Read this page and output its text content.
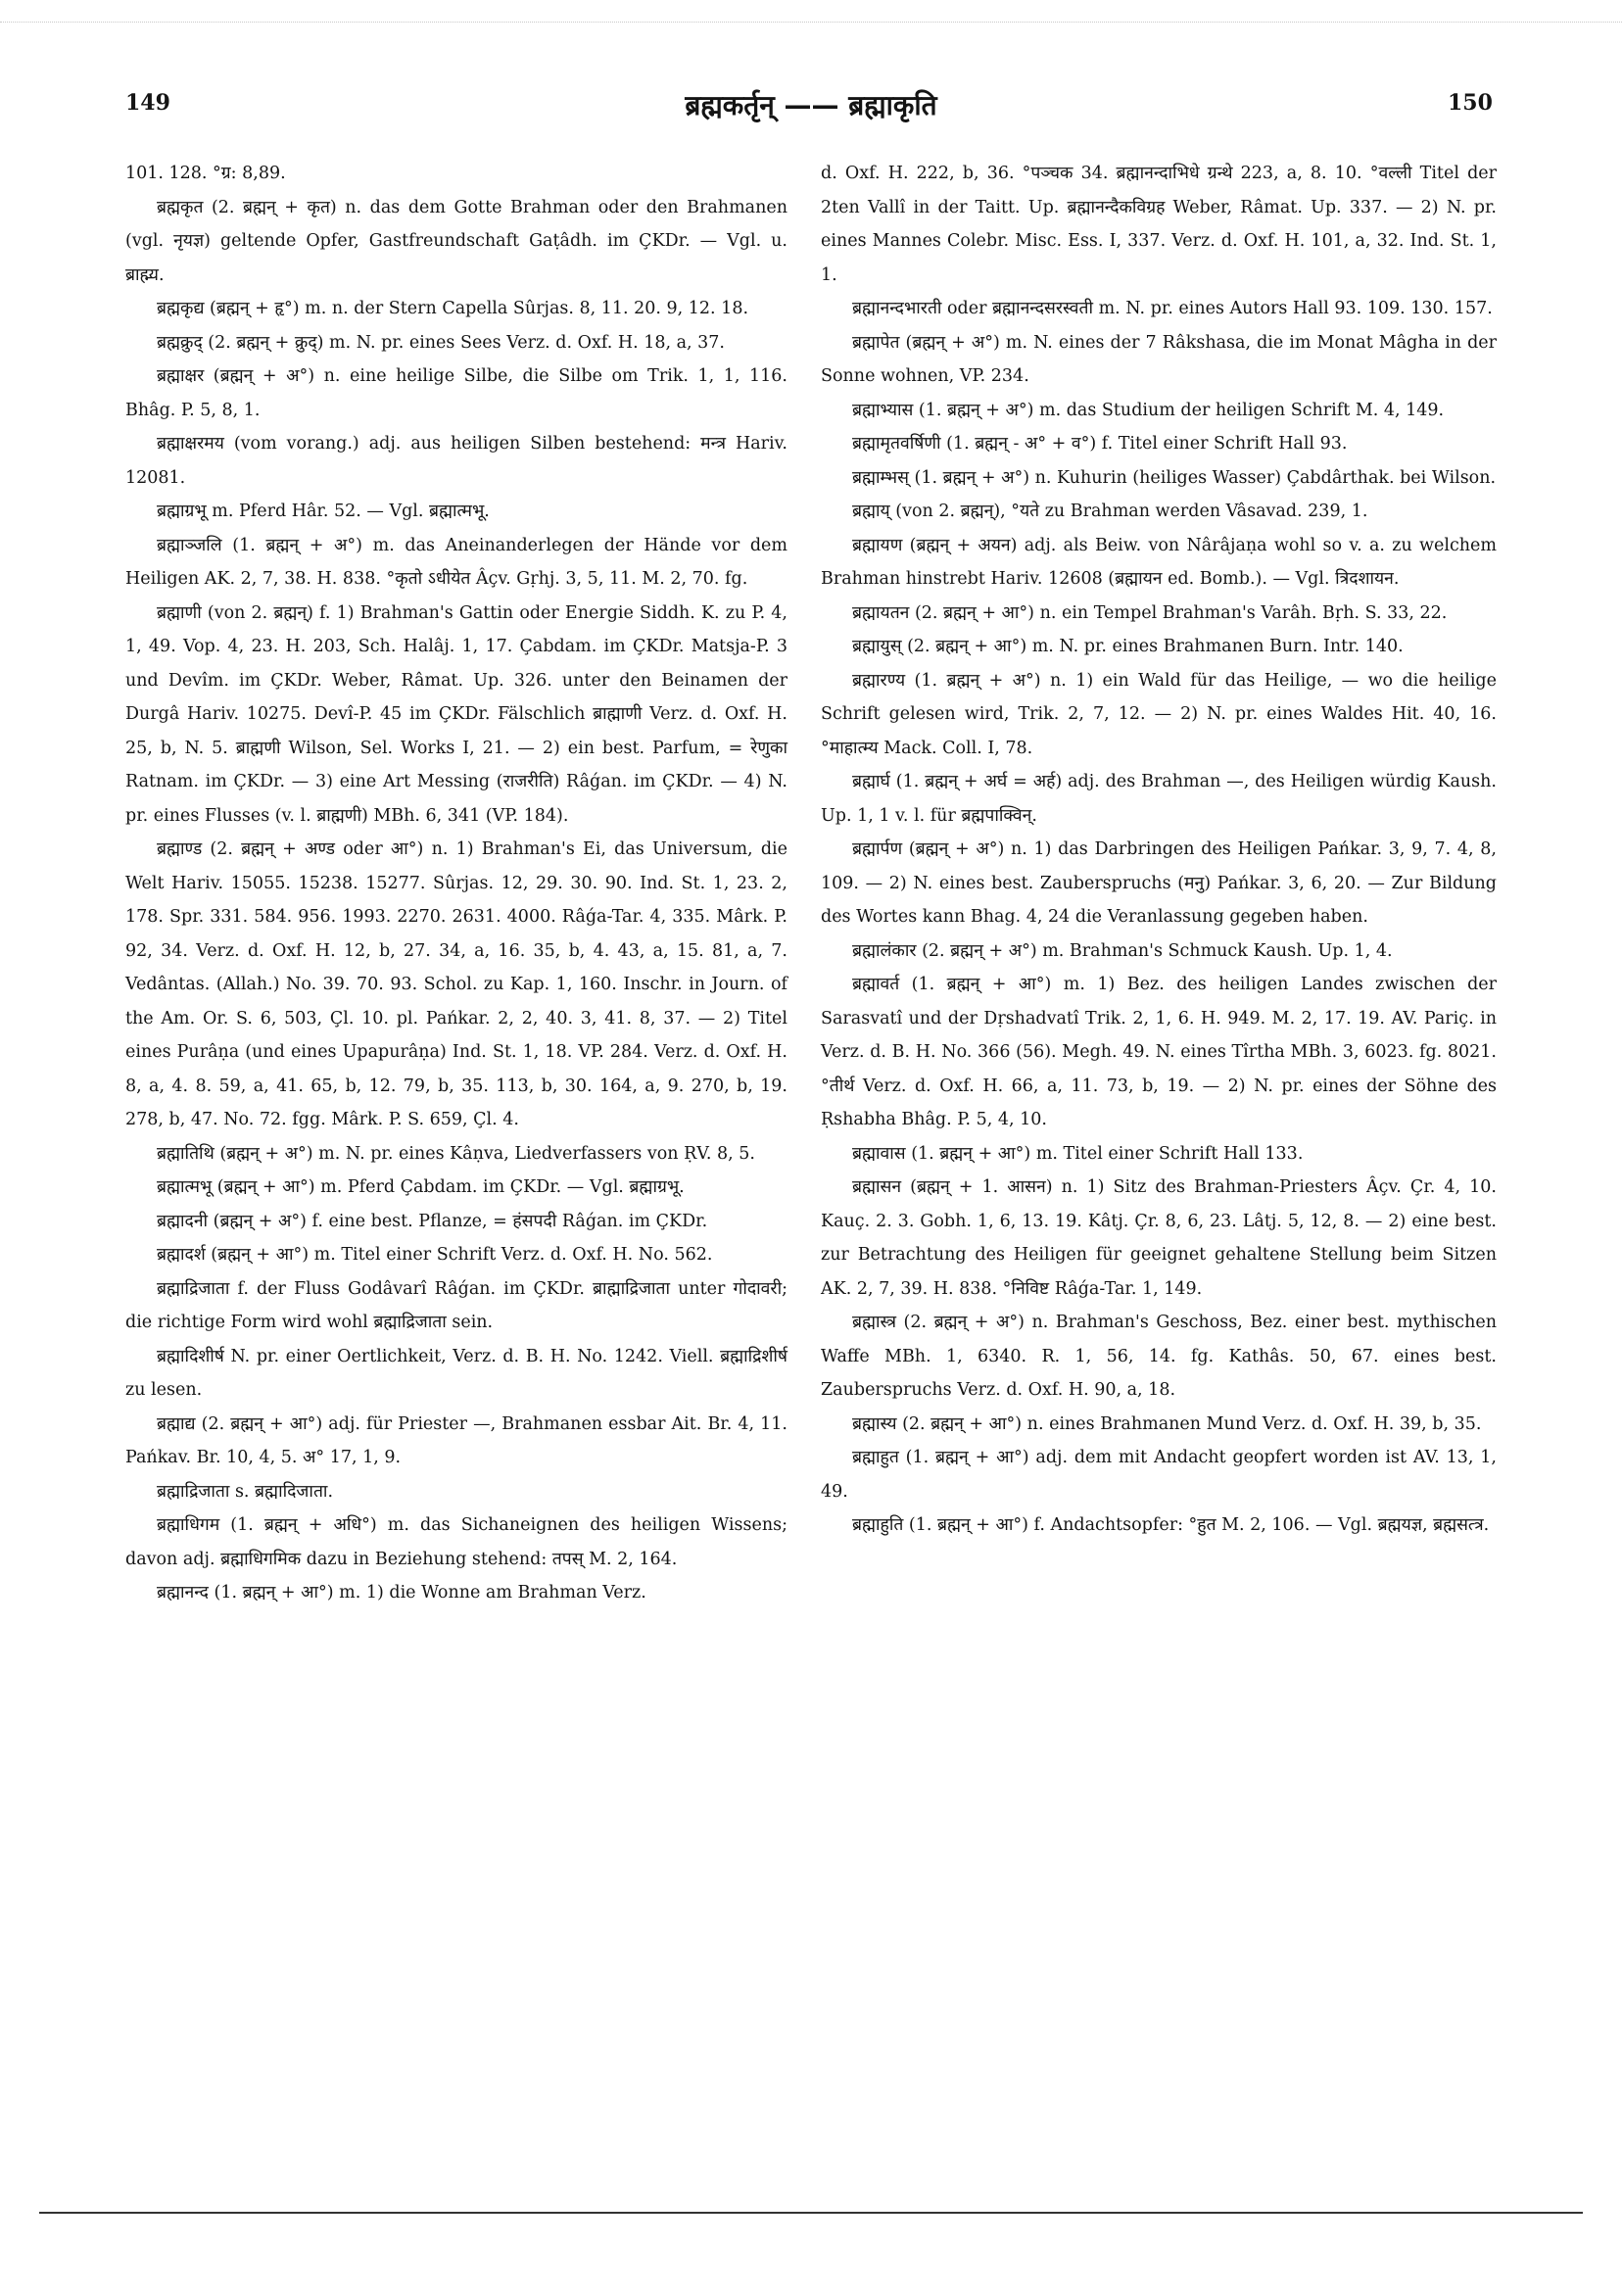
149	ब्रह्मकर्तृन् —— ब्रह्माकृति	150

101. 128. °ग्र: 8,89.

ब्रह्मकृत (2. ब्रह्मन् + कृत) n. das dem Gotte Brahman oder den Brahmanen (vgl. नृयज्ञ) geltende Opfer, Gastfreundschaft Gaṭâdh. im ÇKDr. — Vgl. u. ब्राह्म्य.

ब्रह्मकृद्य (ब्रह्मन् + हृ°) m. n. der Stern Capella Sûrjas. 8, 11. 20. 9, 12. 18.

ब्रह्मक्रुद् (2. ब्रह्मन् + क्रुद्) m. N. pr. eines Sees Verz. d. Oxf. H. 18, a, 37.

ब्रह्माक्षर (ब्रह्मन् + अ°) n. eine heilige Silbe, die Silbe om Trik. 1, 1, 116. Bhâg. P. 5, 8, 1.

ब्रह्माक्षरमय (vom vorang.) adj. aus heiligen Silben bestehend: मन्त्र Hariv. 12081.

ब्रह्माग्रभू m. Pferd Hâr. 52. — Vgl. ब्रह्मात्मभू.

ब्रह्माञ्जलि (1. ब्रह्मन् + अ°) m. das Aneinanderlegen der Hände vor dem Heiligen AK. 2, 7, 38. H. 838. °कृतो ऽधीयेत Âçv. Gṛhj. 3, 5, 11. M. 2, 70. fg.

ब्रह्माणी (von 2. ब्रह्मन्) f. 1) Brahman's Gattin oder Energie Siddh. K. zu P. 4, 1, 49. Vop. 4, 23. H. 203, Sch. Halâj. 1, 17. Çabdam. im ÇKDr. Matsja-P. 3 und Devîm. im ÇKDr. Weber, Râmat. Up. 326. unter den Beinamen der Durgâ Hariv. 10275. Devî-P. 45 im ÇKDr. Fälschlich ब्राह्माणी Verz. d. Oxf. H. 25, b, N. 5. ब्राह्मणी Wilson, Sel. Works I, 21. — 2) ein best. Parfum, = रेणुका Ratnam. im ÇKDr. — 3) eine Art Messing (राजरीति) Râǵan. im ÇKDr. — 4) N. pr. eines Flusses (v. l. ब्राह्मणी) MBh. 6, 341 (VP. 184).

ब्रह्माण्ड (2. ब्रह्मन् + अण्ड oder आ°) n. 1) Brahman's Ei, das Universum, die Welt Hariv. 15055. 15238. 15277. Sûrjas. 12, 29. 30. 90. Ind. St. 1, 23. 2, 178. Spr. 331. 584. 956. 1993. 2270. 2631. 4000. Râǵa-Tar. 4, 335. Mârk. P. 92, 34. Verz. d. Oxf. H. 12, b, 27. 34, a, 16. 35, b, 4. 43, a, 15. 81, a, 7. Vedântas. (Allah.) No. 39. 70. 93. Schol. zu Kap. 1, 160. Inschr. in Journ. of the Am. Or. S. 6, 503, Çl. 10. pl. Pańkar. 2, 2, 40. 3, 41. 8, 37. — 2) Titel eines Purâṇa (und eines Upapurâṇa) Ind. St. 1, 18. VP. 284. Verz. d. Oxf. H. 8, a, 4. 8. 59, a, 41. 65, b, 12. 79, b, 35. 113, b, 30. 164, a, 9. 270, b, 19. 278, b, 47. No. 72. fgg. Mârk. P. S. 659, Çl. 4.

ब्रह्मातिथि (ब्रह्मन् + अ°) m. N. pr. eines Kâṇva, Liedverfassers von ṚV. 8, 5.

ब्रह्मात्मभू (ब्रह्मन् + आ°) m. Pferd Çabdam. im ÇKDr. — Vgl. ब्रह्माग्रभू.

ब्रह्मादनी (ब्रह्मन् + अ°) f. eine best. Pflanze, = हंसपदी Râǵan. im ÇKDr.

ब्रह्मादर्श (ब्रह्मन् + आ°) m. Titel einer Schrift Verz. d. Oxf. H. No. 562.

ब्रह्माद्रिजाता f. der Fluss Godâvarî Râǵan. im ÇKDr. ब्राह्माद्रिजाता unter गोदावरी; die richtige Form wird wohl ब्रह्माद्रिजाता sein.

ब्रह्मादिशीर्ष N. pr. einer Oertlichkeit, Verz. d. B. H. No. 1242. Viell. ब्रह्माद्रिशीर्ष zu lesen.

ब्रह्माद्य (2. ब्रह्मन् + आ°) adj. für Priester —, Brahmanen essbar Ait. Br. 4, 11. Pańkav. Br. 10, 4, 5. अ° 17, 1, 9.

ब्रह्माद्रिजाता s. ब्रह्मादिजाता.

ब्रह्माधिगम (1. ब्रह्मन् + अधि°) m. das Sichaneignen des heiligen Wissens; davon adj. ब्रह्माधिगमिक dazu in Beziehung stehend: तपस् M. 2, 164.

ब्रह्मानन्द (1. ब्रह्मन् + आ°) m. 1) die Wonne am Brahman Verz.

d. Oxf. H. 222, b, 36. °पञ्चक 34. ब्रह्मानन्दाभिधे ग्रन्थे 223, a, 8. 10. °वल्ली Titel der 2ten Vallî in der Taitt. Up. ब्रह्मानन्दैकविग्रह Weber, Râmat. Up. 337. — 2) N. pr. eines Mannes Colebr. Misc. Ess. I, 337. Verz. d. Oxf. H. 101, a, 32. Ind. St. 1, 1.

ब्रह्मानन्दभारती oder ब्रह्मानन्दसरस्वती m. N. pr. eines Autors Hall 93. 109. 130. 157.

ब्रह्मापेत (ब्रह्मन् + अ°) m. N. eines der 7 Râkshasa, die im Monat Mâgha in der Sonne wohnen, VP. 234.

ब्रह्माभ्यास (1. ब्रह्मन् + अ°) m. das Studium der heiligen Schrift M. 4, 149.

ब्रह्मामृतवर्षिणी (1. ब्रह्मन् - अ° + व°) f. Titel einer Schrift Hall 93.

ब्रह्माम्भस् (1. ब्रह्मन् + अ°) n. Kuhurin (heiliges Wasser) Çabdârthak. bei Wilson.

ब्रह्माय् (von 2. ब्रह्मन्), °यते zu Brahman werden Vâsavad. 239, 1.

ब्रह्मायण (ब्रह्मन् + अयन) adj. als Beiw. von Nârâjaṇa wohl so v. a. zu welchem Brahman hinstrebt Hariv. 12608 (ब्रह्मायन ed. Bomb.). — Vgl. त्रिदशायन.

ब्रह्मायतन (2. ब्रह्मन् + आ°) n. ein Tempel Brahman's Varâh. Bṛh. S. 33, 22.

ब्रह्मायुस् (2. ब्रह्मन् + आ°) m. N. pr. eines Brahmanen Burn. Intr. 140.

ब्रह्मारण्य (1. ब्रह्मन् + अ°) n. 1) ein Wald für das Heilige, — wo die heilige Schrift gelesen wird, Trik. 2, 7, 12. — 2) N. pr. eines Waldes Hit. 40, 16. °माहात्म्य Mack. Coll. I, 78.

ब्रह्मार्घ (1. ब्रह्मन् + अर्घ = अर्ह) adj. des Brahman —, des Heiligen würdig Kaush. Up. 1, 1 v. l. für ब्रह्मपाक्विन्.

ब्रह्मार्पण (ब्रह्मन् + अ°) n. 1) das Darbringen des Heiligen Pańkar. 3, 9, 7. 4, 8, 109. — 2) N. eines best. Zauberspruchs (मनु) Pańkar. 3, 6, 20. — Zur Bildung des Wortes kann Bhag. 4, 24 die Veranlassung gegeben haben.

ब्रह्मालंकार (2. ब्रह्मन् + अ°) m. Brahman's Schmuck Kaush. Up. 1, 4.

ब्रह्मावर्त (1. ब्रह्मन् + आ°) m. 1) Bez. des heiligen Landes zwischen der Sarasvatî und der Dṛshadvatî Trik. 2, 1, 6. H. 949. M. 2, 17. 19. AV. Pariç. in Verz. d. B. H. No. 366 (56). Megh. 49. N. eines Tîrtha MBh. 3, 6023. fg. 8021. °तीर्थ Verz. d. Oxf. H. 66, a, 11. 73, b, 19. — 2) N. pr. eines der Söhne des Ṛshabha Bhâg. P. 5, 4, 10.

ब्रह्मावास (1. ब्रह्मन् + आ°) m. Titel einer Schrift Hall 133.

ब्रह्मासन (ब्रह्मन् + 1. आसन) n. 1) Sitz des Brahman-Priesters Âçv. Çr. 4, 10. Kauç. 2. 3. Gobh. 1, 6, 13. 19. Kâtj. Çr. 8, 6, 23. Lâtj. 5, 12, 8. — 2) eine best. zur Betrachtung des Heiligen für geeignet gehaltene Stellung beim Sitzen AK. 2, 7, 39. H. 838. °निविष्ट Râǵa-Tar. 1, 149.

ब्रह्मास्त्र (2. ब्रह्मन् + अ°) n. Brahman's Geschoss, Bez. einer best. mythischen Waffe MBh. 1, 6340. R. 1, 56, 14. fg. Kathâs. 50, 67. eines best. Zauberspruchs Verz. d. Oxf. H. 90, a, 18.

ब्रह्मास्य (2. ब्रह्मन् + आ°) n. eines Brahmanen Mund Verz. d. Oxf. H. 39, b, 35.

ब्रह्माहुत (1. ब्रह्मन् + आ°) adj. dem mit Andacht geopfert worden ist AV. 13, 1, 49.

ब्रह्माहुति (1. ब्रह्मन् + आ°) f. Andachtsopfer: °हुत M. 2, 106. — Vgl. ब्रह्मयज्ञ, ब्रह्मसत्त्र.
